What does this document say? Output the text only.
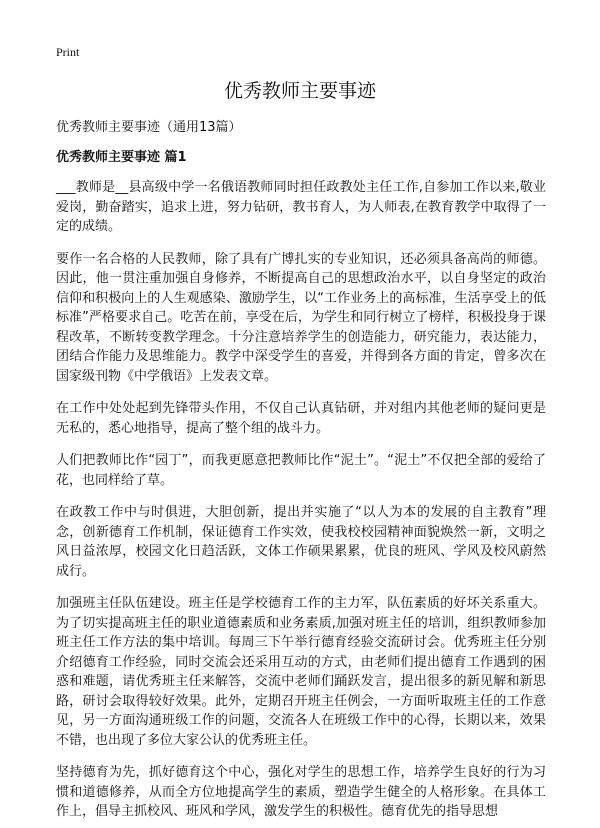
Print
优秀教师主要事迹
优秀教师主要事迹（通用13篇）
优秀教师主要事迹 篇1

___教师是__县高级中学一名俄语教师同时担任政教处主任工作,自参加工作以来,敬业爱岗，勤奋踏实，追求上进，努力钻研，教书育人，为人师表,在教育教学中取得了一定的成绩。

要作一名合格的人民教师，除了具有广博扎实的专业知识，还必须具备高尚的师德。因此，他一贯注重加强自身修养，不断提高自己的思想政治水平，以自身坚定的政治信仰和积极向上的人生观感染、激励学生，以“工作业务上的高标准，生活享受上的低标准”严格要求自己。吃苦在前，享受在后，为学生和同行树立了榜样，积极投身于课程改革，不断转变教学理念。十分注意培养学生的创造能力，研究能力，表达能力，团结合作能力及思维能力。教学中深受学生的喜爱，并得到各方面的肯定，曾多次在国家级刊物《中学俄语》上发表文章。

在工作中处处起到先锋带头作用，不仅自己认真钻研，并对组内其他老师的疑问更是无私的，悉心地指导，提高了整个组的战斗力。

人们把教师比作“园丁”，而我更愿意把教师比作“泥土”。“泥土”不仅把全部的爱给了花，也同样给了草。

在政教工作中与时俱进，大胆创新，提出并实施了“以人为本的发展的自主教育”理念，创新德育工作机制，保证德育工作实效，使我校校园精神面貌焕然一新，文明之风日益浓厚，校园文化日趋活跃，文体工作硕果累累，优良的班风、学风及校风蔚然成行。

加强班主任队伍建设。班主任是学校德育工作的主力军，队伍素质的好坏关系重大。为了切实提高班主任的职业道德素质和业务素质,加强对班主任的培训，组织教师参加班主任工作方法的集中培训。每周三下午举行德育经验交流研讨会。优秀班主任分别介绍德育工作经验，同时交流会还采用互动的方式，由老师们提出德育工作遇到的困惑和难题，请优秀班主任来解答，交流中老师们踊跃发言，提出很多的新见解和新思路，研讨会取得较好效果。此外，定期召开班主任例会，一方面听取班主任的工作意见，另一方面沟通班级工作的问题，交流各人在班级工作中的心得，长期以来，效果不错，也出现了多位大家公认的优秀班主任。

坚持德育为先，抓好德育这个中心，强化对学生的思想工作，培养学生良好的行为习惯和道德修养，从而全方位地提高学生的素质，塑造学生健全的人格形象。在具体工作上，倡导主抓校风、班风和学风，激发学生的积极性。德育优先的指导思想
